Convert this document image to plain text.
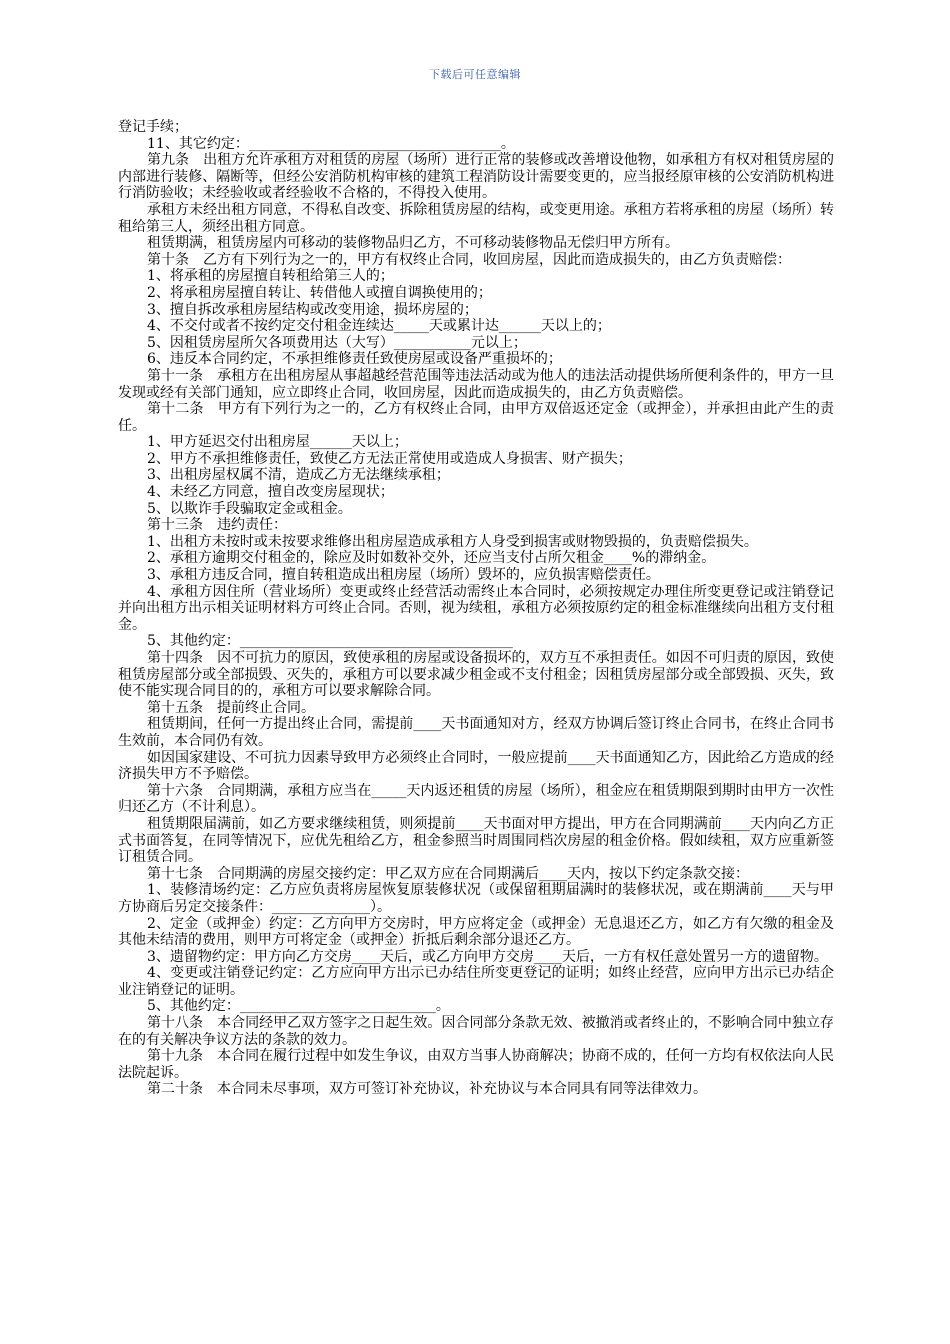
下载后可任意编辑

登记手续；

11、其它约定：____________________________________。

第九条　出租方允许承租方对租赁的房屋（场所）进行正常的装修或改善增设他物，如承租方有权对租赁房屋的内部进行装修、隔断等，但经公安消防机构审核的建筑工程消防设计需要变更的，应当报经原审核的公安消防机构进行消防验收；未经验收或者经验收不合格的，不得投入使用。

承租方未经出租方同意，不得私自改变、拆除租赁房屋的结构，或变更用途。承租方若将承租的房屋（场所）转租给第三人，须经出租方同意。

租赁期满，租赁房屋内可移动的装修物品归乙方，不可移动装修物品无偿归甲方所有。

第十条　乙方有下列行为之一的，甲方有权终止合同，收回房屋，因此而造成损失的，由乙方负责赔偿：

1、将承租的房屋擅自转租给第三人的；

2、将承租房屋擅自转让、转借他人或擅自调换使用的；

3、擅自拆改承租房屋结构或改变用途，损坏房屋的；

4、不交付或者不按约定交付租金连续达_____天或累计达______天以上的；

5、因租赁房屋所欠各项费用达（大写）___________元以上；

6、违反本合同约定，不承担维修责任致使房屋或设备严重损坏的；

第十一条　承租方在出租房屋从事超越经营范围等违法活动或为他人的违法活动提供场所便利条件的，甲方一旦发现或经有关部门通知，应立即终止合同，收回房屋，因此而造成损失的，由乙方负责赔偿。

第十二条　甲方有下列行为之一的，乙方有权终止合同，由甲方双倍返还定金（或押金），并承担由此产生的责任。

1、甲方延迟交付出租房屋______天以上；

2、甲方不承担维修责任，致使乙方无法正常使用或造成人身损害、财产损失；

3、出租房屋权属不清，造成乙方无法继续承租；

4、未经乙方同意，擅自改变房屋现状；

5、以欺诈手段骗取定金或租金。

第十三条　违约责任：

1、出租方未按时或未按要求维修出租房屋造成承租方人身受到损害或财物毁损的，负责赔偿损失。

2、承租方逾期交付租金的，除应及时如数补交外，还应当支付占所欠租金____%的滞纳金。

3、承租方违反合同，擅自转租造成出租房屋（场所）毁坏的，应负损害赔偿责任。

4、承租方因住所（营业场所）变更或终止经营活动需终止本合同时，必须按规定办理住所变更登记或注销登记并向出租方出示相关证明材料方可终止合同。否则，视为续租，承租方必须按原约定的租金标准继续向出租方支付租金。

5、其他约定：_______________________________________

第十四条　因不可抗力的原因，致使承租的房屋或设备损坏的，双方互不承担责任。如因不可归责的原因，致使租赁房屋部分或全部损毁、灭失的，承租方可以要求减少租金或不支付租金；因租赁房屋部分或全部毁损、灭失，致使不能实现合同目的的，承租方可以要求解除合同。

第十五条　提前终止合同。

租赁期间，任何一方提出终止合同，需提前____天书面通知对方，经双方协调后签订终止合同书，在终止合同书生效前，本合同仍有效。

如因国家建设、不可抗力因素导致甲方必须终止合同时，一般应提前____天书面通知乙方，因此给乙方造成的经济损失甲方不予赔偿。

第十六条　合同期满，承租方应当在_____天内返还租赁的房屋（场所），租金应在租赁期限到期时由甲方一次性归还乙方（不计利息）。

租赁期限届满前，如乙方要求继续租赁，则须提前____天书面对甲方提出，甲方在合同期满前____天内向乙方正式书面答复，在同等情况下，应优先租给乙方，租金参照当时周围同档次房屋的租金价格。假如续租，双方应重新签订租赁合同。

第十七条　合同期满的房屋交接约定：甲乙双方应在合同期满后____天内，按以下约定条款交接：

1、装修清场约定：乙方应负责将房屋恢复原装修状况（或保留租期届满时的装修状况，或在期满前____天与甲方协商后另定交接条件：______________）。

2、定金（或押金）约定：乙方向甲方交房时，甲方应将定金（或押金）无息退还乙方，如乙方有欠缴的租金及其他未结清的费用，则甲方可将定金（或押金）折抵后剩余部分退还乙方。

3、遗留物约定：甲方向乙方交房____天后，或乙方向甲方交房____天后，一方有权任意处置另一方的遗留物。

4、变更或注销登记约定：乙方应向甲方出示已办结住所变更登记的证明；如终止经营，应向甲方出示已办结企业注销登记的证明。

5、其他约定：____________________________。

第十八条　本合同经甲乙双方签字之日起生效。因合同部分条款无效、被撤消或者终止的，不影响合同中独立存在的有关解决争议方法的条款的效力。

第十九条　本合同在履行过程中如发生争议，由双方当事人协商解决；协商不成的，任何一方均有权依法向人民法院起诉。

第二十条　本合同未尽事项，双方可签订补充协议，补充协议与本合同具有同等法律效力。
